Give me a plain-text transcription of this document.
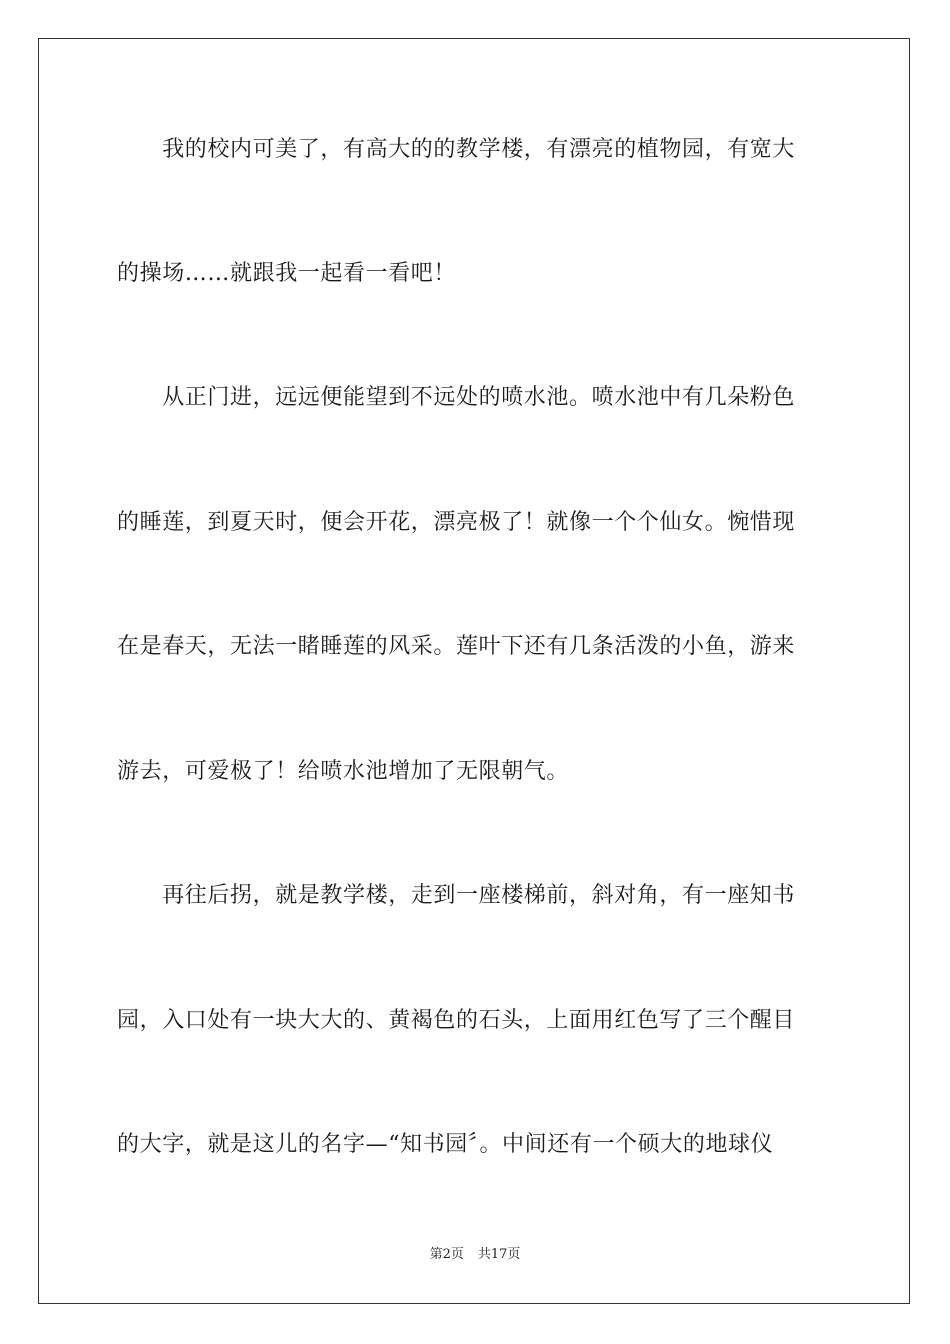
　　我的校内可美了，有高大的的教学楼，有漂亮的植物园，有宽大
的操场……就跟我一起看一看吧！
　　从正门进，远远便能望到不远处的喷水池。喷水池中有几朵粉色
的睡莲，到夏天时，便会开花，漂亮极了！就像一个个仙女。惋惜现
在是春天，无法一睹睡莲的风采。莲叶下还有几条活泼的小鱼，游来
游去，可爱极了！给喷水池增加了无限朝气。
　　再往后拐，就是教学楼，走到一座楼梯前，斜对角，有一座知书
园，入口处有一块大大的、黄褐色的石头，上面用红色写了三个醒目
的大字，就是这儿的名字—“知书园〞。中间还有一个硕大的地球仪
第2页 共17页
